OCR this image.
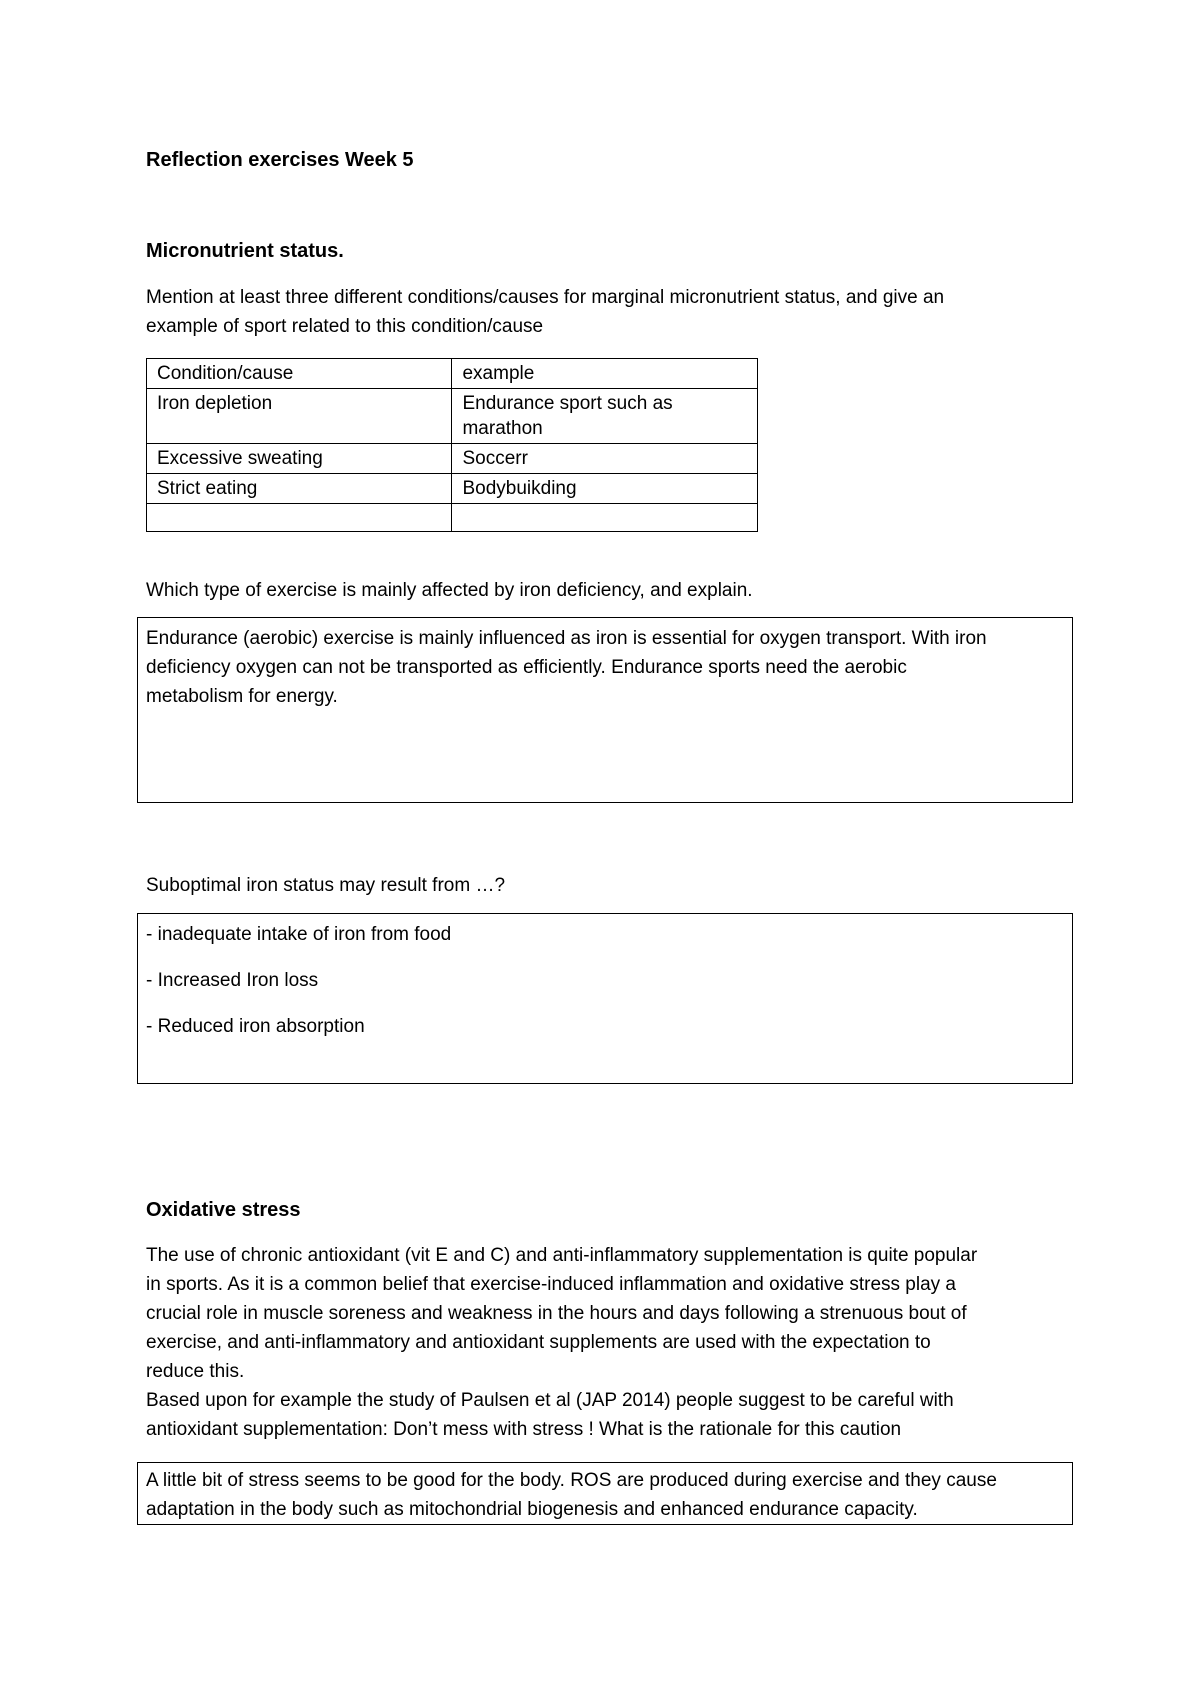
Reflection exercises Week 5
Micronutrient status.
Mention at least three different conditions/causes for marginal micronutrient status, and give an
example of sport related to this condition/cause
Condition/cause	example
Iron depletion	Endurance sport such as marathon
Excessive sweating	Soccerr
Strict eating	Bodybuikding

Which type of exercise is mainly affected by iron deficiency, and explain.

Endurance (aerobic) exercise is mainly influenced as iron is essential for oxygen transport. With iron

deficiency oxygen can not be transported as efficiently. Endurance sports need the aerobic

metabolism for energy.

Suboptimal iron status may result from …?

- inadequate intake of iron from food

- Increased Iron loss

- Reduced iron absorption

Oxidative stress
The use of chronic antioxidant (vit E and C) and anti-inflammatory supplementation is quite popular
in sports. As it is a common belief that exercise-induced inflammation and oxidative stress play a
crucial role in muscle soreness and weakness in the hours and days following a strenuous bout of
exercise, and anti-inflammatory and antioxidant supplements are used with the expectation to
reduce this.
Based upon for example the study of Paulsen et al (JAP 2014) people suggest to be careful with
antioxidant supplementation: Don’t mess with stress ! What is the rationale for this caution

A little bit of stress seems to be good for the body. ROS are produced during exercise and they cause

adaptation in the body such as mitochondrial biogenesis and enhanced endurance capacity.
